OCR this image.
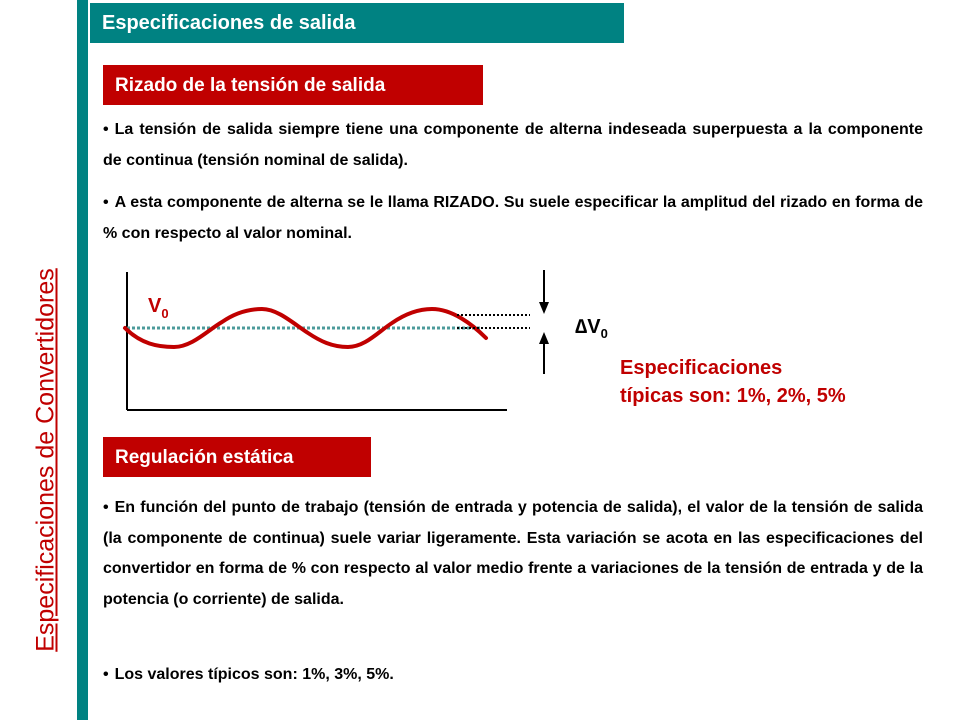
Especificaciones de Convertidores
Especificaciones de salida
Rizado de la tensión de salida

• La tensión de salida siempre tiene una componente de alterna indeseada superpuesta a la componente de continua (tensión nominal de salida).

• A esta componente de alterna se le llama RIZADO. Su suele especificar la amplitud del rizado en forma de % con respecto al valor nominal.

$V_0$
$\Delta V_0$

Especificaciones
típicas son: 1%, 2%, 5%

Regulación estática

• En función del punto de trabajo (tensión de entrada y potencia de salida), el valor de la tensión de salida (la componente de continua) suele variar ligeramente. Esta variación se acota en las especificaciones del convertidor en forma de % con respecto al valor medio frente a variaciones de la tensión de entrada y de la potencia (o corriente) de salida.

• Los valores típicos son: 1%, 3%, 5%.
